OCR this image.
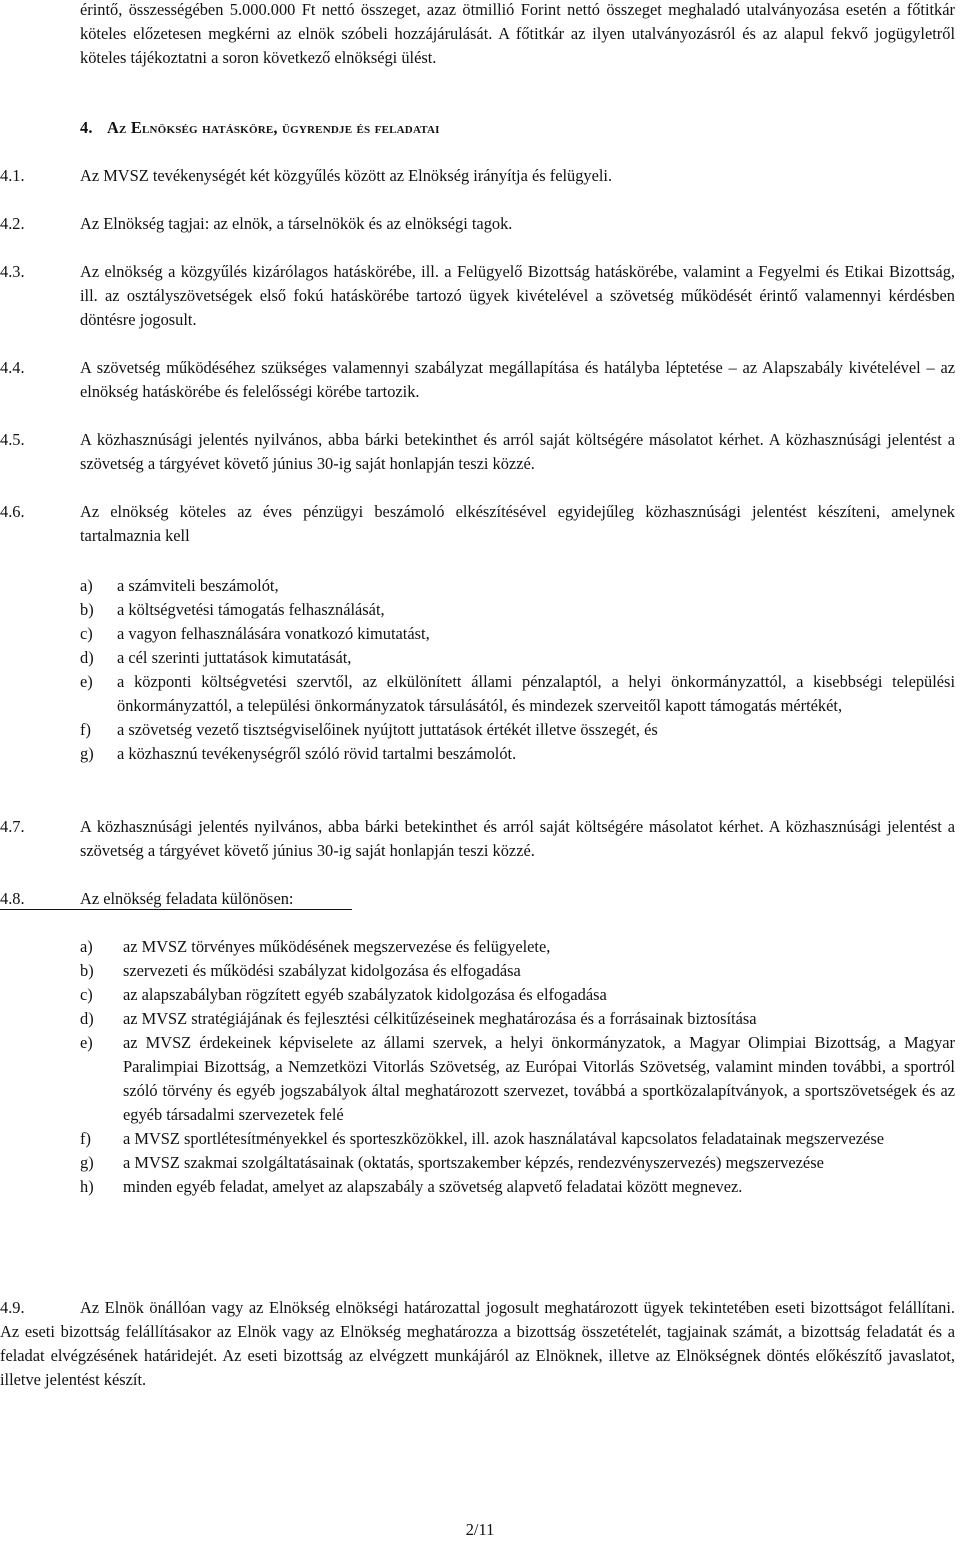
érintő, összességében 5.000.000 Ft nettó összeget, azaz ötmillió Forint nettó összeget meghaladó utalványozása esetén a főtitkár köteles előzetesen megkérni az elnök szóbeli hozzájárulását. A főtitkár az ilyen utalványozásról és az alapul fekvő jogügyletről köteles tájékoztatni a soron következő elnökségi ülést.
4. Az Elnökség hatásköre, ügyrendje és feladatai
4.1.	Az MVSZ tevékenységét két közgyűlés között az Elnökség irányítja és felügyeli.
4.2.	Az Elnökség tagjai: az elnök, a társelnökök és az elnökségi tagok.
4.3.	Az elnökség a közgyűlés kizárólagos hatáskörébe, ill. a Felügyelő Bizottság hatáskörébe, valamint a Fegyelmi és Etikai Bizottság, ill. az osztályszövetségek első fokú hatáskörébe tartozó ügyek kivételével a szövetség működését érintő valamennyi kérdésben döntésre jogosult.
4.4.	A szövetség működéséhez szükséges valamennyi szabályzat megállapítása és hatályba léptetése – az Alapszabály kivételével – az elnökség hatáskörébe és felelősségi körébe tartozik.
4.5.	A közhasznúsági jelentés nyilvános, abba bárki betekinthet és arról saját költségére másolatot kérhet. A közhasznúsági jelentést a szövetség a tárgyévet követő június 30-ig saját honlapján teszi közzé.
4.6.	Az elnökség köteles az éves pénzügyi beszámoló elkészítésével egyidejűleg közhasznúsági jelentést készíteni, amelynek tartalmaznia kell
a) a számviteli beszámolót,
b) a költségvetési támogatás felhasználását,
c) a vagyon felhasználására vonatkozó kimutatást,
d) a cél szerinti juttatások kimutatását,
e) a központi költségvetési szervtől, az elkülönített állami pénzalaptól, a helyi önkormányzattól, a kisebbségi települési önkormányzattól, a települési önkormányzatok társulásától, és mindezek szerveitől kapott támogatás mértékét,
f) a szövetség vezető tisztségviselőinek nyújtott juttatások értékét illetve összegét, és
g) a közhasznú tevékenységről szóló rövid tartalmi beszámolót.
4.7.	A közhasznúsági jelentés nyilvános, abba bárki betekinthet és arról saját költségére másolatot kérhet. A közhasznúsági jelentést a szövetség a tárgyévet követő június 30-ig saját honlapján teszi közzé.
4.8.	Az elnökség feladata különösen:
a) az MVSZ törvényes működésének megszervezése és felügyelete,
b) szervezeti és működési szabályzat kidolgozása és elfogadása
c) az alapszabályban rögzített egyéb szabályzatok kidolgozása és elfogadása
d) az MVSZ stratégiájának és fejlesztési célkitűzéseinek meghatározása és a forrásainak biztosítása
e) az MVSZ érdekeinek képviselete az állami szervek, a helyi önkormányzatok, a Magyar Olimpiai Bizottság, a Magyar Paralimpiai Bizottság, a Nemzetközi Vitorlás Szövetség, az Európai Vitorlás Szövetség, valamint minden további, a sportról szóló törvény és egyéb jogszabályok által meghatározott szervezet, továbbá a sportközalapítványok, a sportszövetségek és az egyéb társadalmi szervezetek felé
f) a MVSZ sportlétesítményekkel és sporteszközökkel, ill. azok használatával kapcsolatos feladatainak megszervezése
g) a MVSZ szakmai szolgáltatásainak (oktatás, sportszakember képzés, rendezvényszervezés) megszervezése
h) minden egyéb feladat, amelyet az alapszabály a szövetség alapvető feladatai között megnevez.
4.9.	Az Elnök önállóan vagy az Elnökség elnökségi határozattal jogosult meghatározott ügyek tekintetében eseti bizottságot felállítani. Az eseti bizottság felállításakor az Elnök vagy az Elnökség meghatározza a bizottság összetételét, tagjainak számát, a bizottság feladatát és a feladat elvégzésének határidejét. Az eseti bizottság az elvégzett munkájáról az Elnöknek, illetve az Elnökségnek döntés előkészítő javaslatot, illetve jelentést készít.
2/11
